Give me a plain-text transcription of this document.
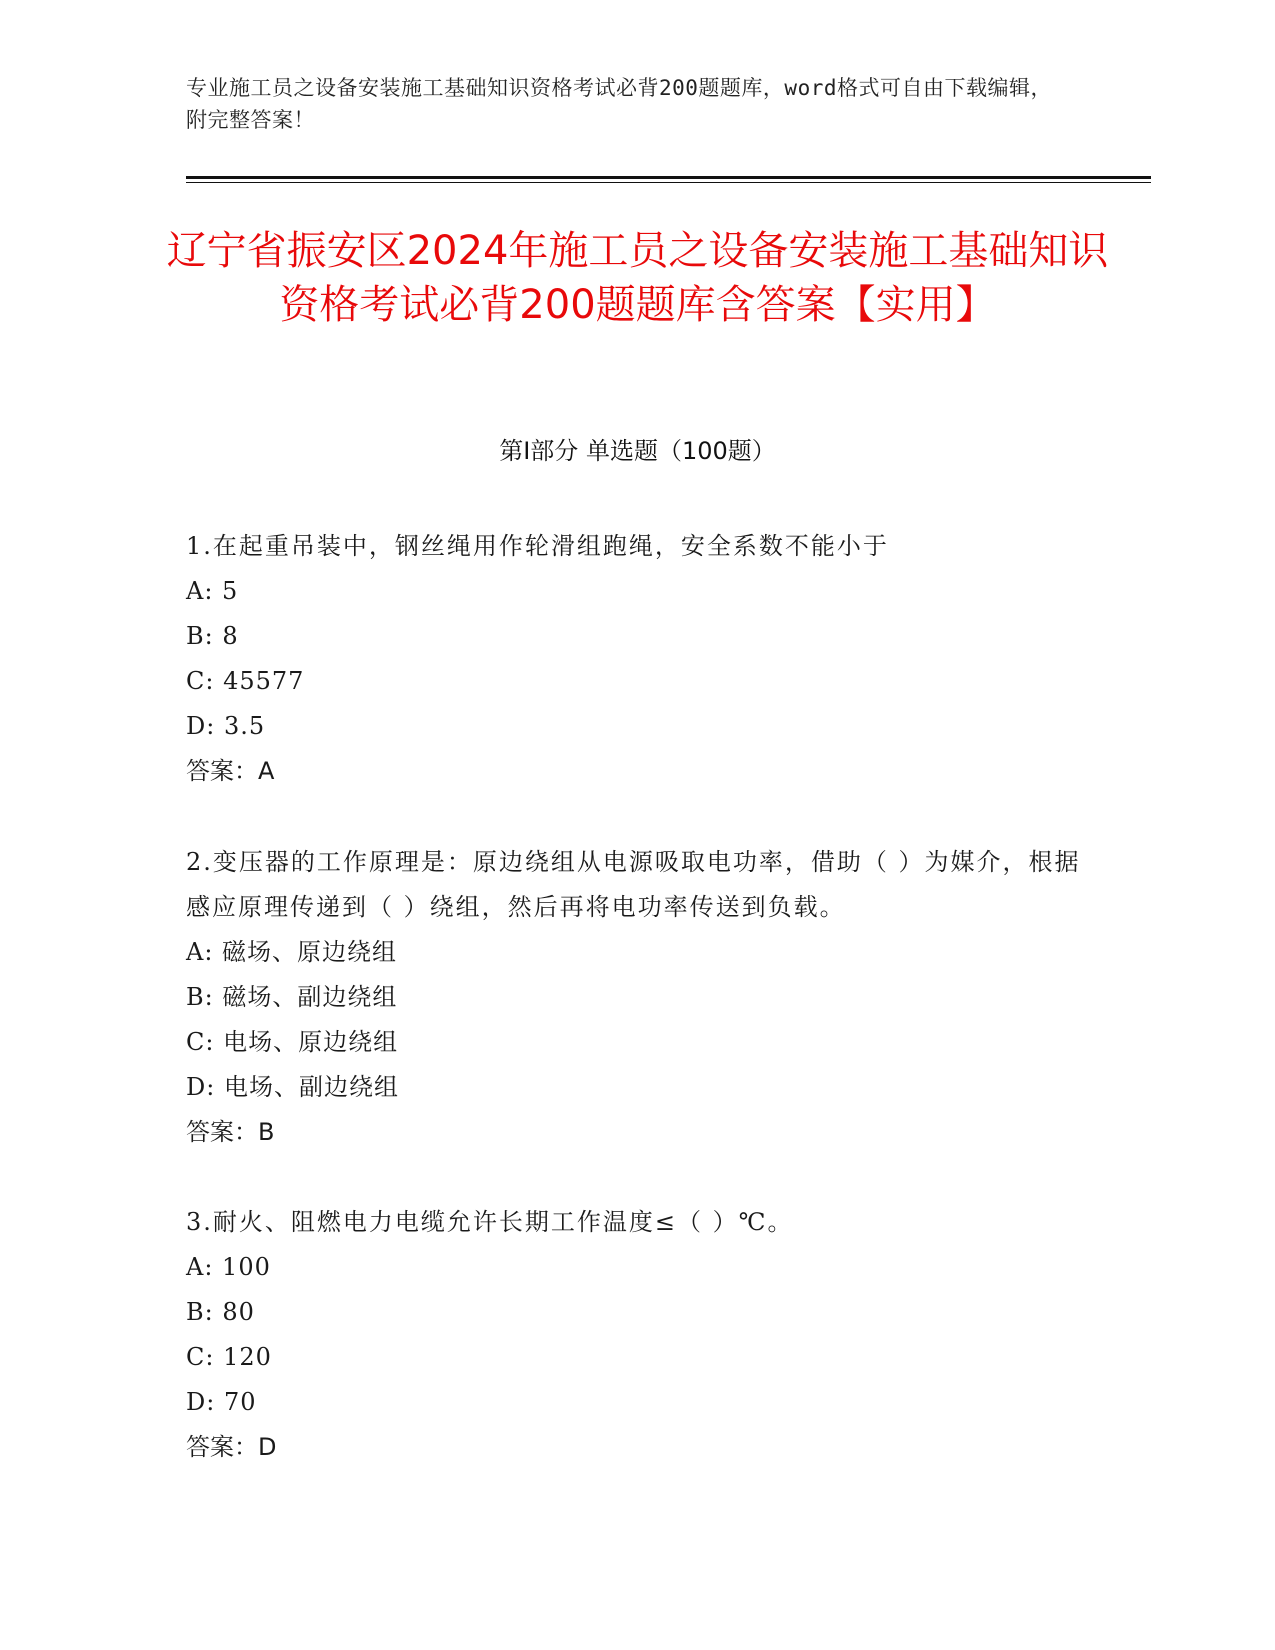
专业施工员之设备安装施工基础知识资格考试必背200题题库，word格式可自由下载编辑，附完整答案！
辽宁省振安区2024年施工员之设备安装施工基础知识资格考试必背200题题库含答案【实用】
第Ⅰ部分 单选题（100题）
1.在起重吊装中，钢丝绳用作轮滑组跑绳，安全系数不能小于
A: 5
B: 8
C: 45577
D: 3.5
答案：A
2.变压器的工作原理是：原边绕组从电源吸取电功率，借助（ ）为媒介，根据感应原理传递到（ ）绕组，然后再将电功率传送到负载。
A: 磁场、原边绕组
B: 磁场、副边绕组
C: 电场、原边绕组
D: 电场、副边绕组
答案：B
3.耐火、阻燃电力电缆允许长期工作温度≤（ ）℃。
A: 100
B: 80
C: 120
D: 70
答案：D
